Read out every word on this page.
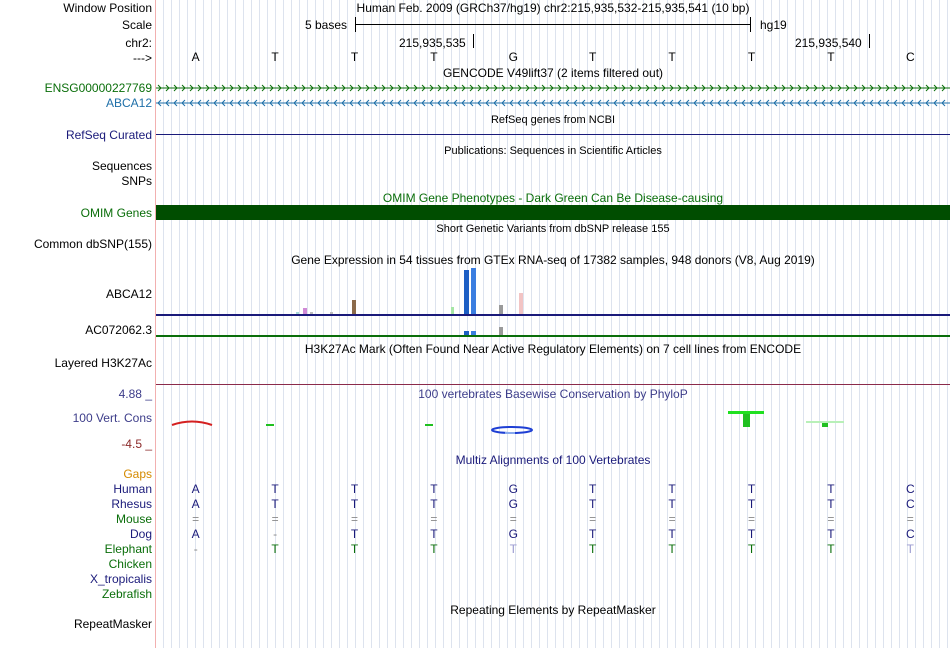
Window Position
Scale
chr2:
--->
Human Feb. 2009 (GRCh37/hg19) chr2:215,935,532-215,935,541 (10 bp)
5 bases	hg19
215,935,535	215,935,540
A	T	T	T	G	T	T	T	T	C
GENCODE V49lift37 (2 items filtered out)
ENSG00000227769
ABCA12
RefSeq genes from NCBI
RefSeq Curated
Publications: Sequences in Scientific Articles
Sequences
SNPs
OMIM Gene Phenotypes - Dark Green Can Be Disease-causing
OMIM Genes
Short Genetic Variants from dbSNP release 155
Common dbSNP(155)
Gene Expression in 54 tissues from GTEx RNA-seq of 17382 samples, 948 donors (V8, Aug 2019)
ABCA12
AC072062.3
H3K27Ac Mark (Often Found Near Active Regulatory Elements) on 7 cell lines from ENCODE
Layered H3K27Ac
100 vertebrates Basewise Conservation by PhyloP
4.88 _
100 Vert. Cons
-4.5 _
Multiz Alignments of 100 Vertebrates
Gaps
Human	A	T	T	T	G	T	T	T	T	C
Rhesus	A	T	T	T	G	T	T	T	T	C
Mouse	=	=	=	=	=	=	=	=	=	=
Dog	A	-	T	T	G	T	T	T	T	C
Elephant	-	T	T	T	T	T	T	T	T	T
Chicken
X_tropicalis
Zebrafish
Repeating Elements by RepeatMasker
RepeatMasker
